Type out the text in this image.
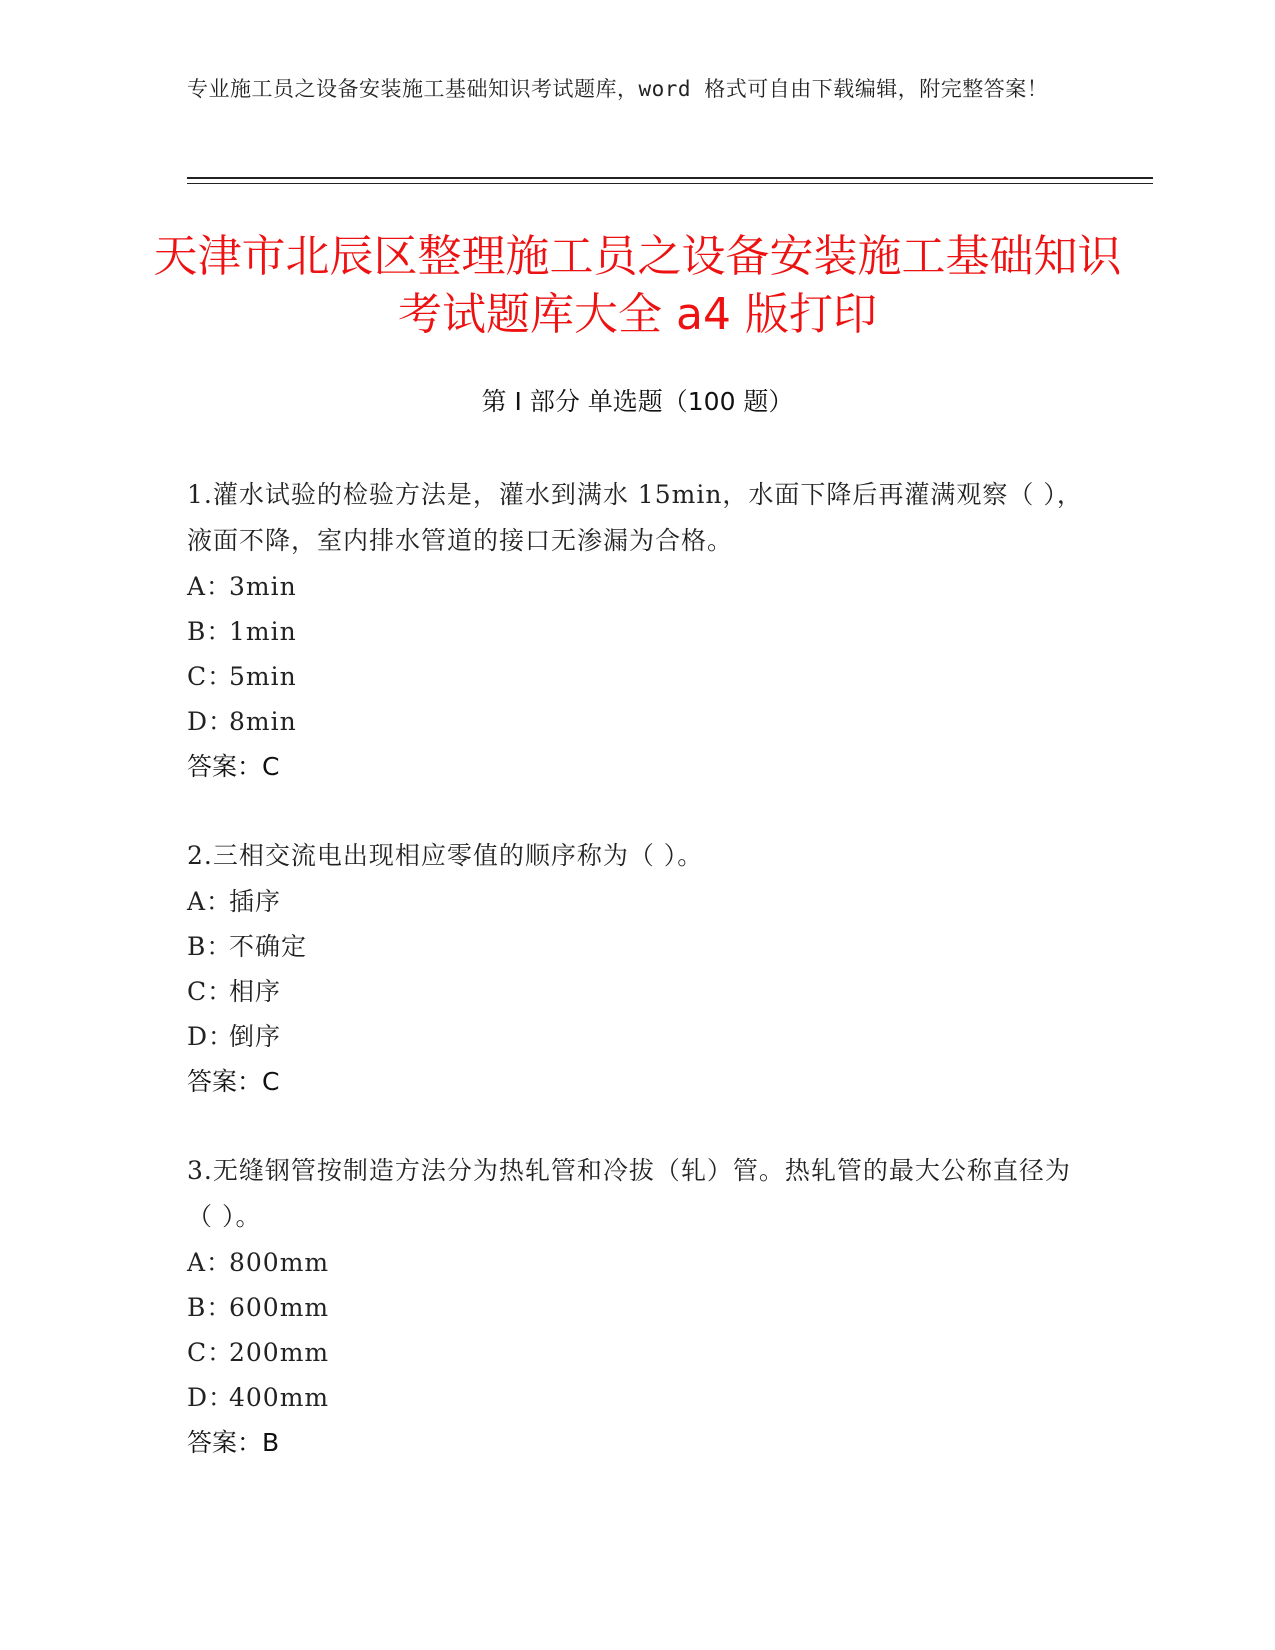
专业施工员之设备安装施工基础知识考试题库，word 格式可自由下载编辑，附完整答案！
天津市北辰区整理施工员之设备安装施工基础知识考试题库大全 a4 版打印
第 I 部分 单选题（100 题）

1.灌水试验的检验方法是，灌水到满水 15min，水面下降后再灌满观察（ ），液面不降，室内排水管道的接口无渗漏为合格。

A：3min
B：1min
C：5min
D：8min
答案：C

2.三相交流电出现相应零值的顺序称为（ ）。

A：插序
B：不确定
C：相序
D：倒序
答案：C

3.无缝钢管按制造方法分为热轧管和冷拔（轧）管。热轧管的最大公称直径为（ ）。

A：800mm
B：600mm
C：200mm
D：400mm
答案：B
